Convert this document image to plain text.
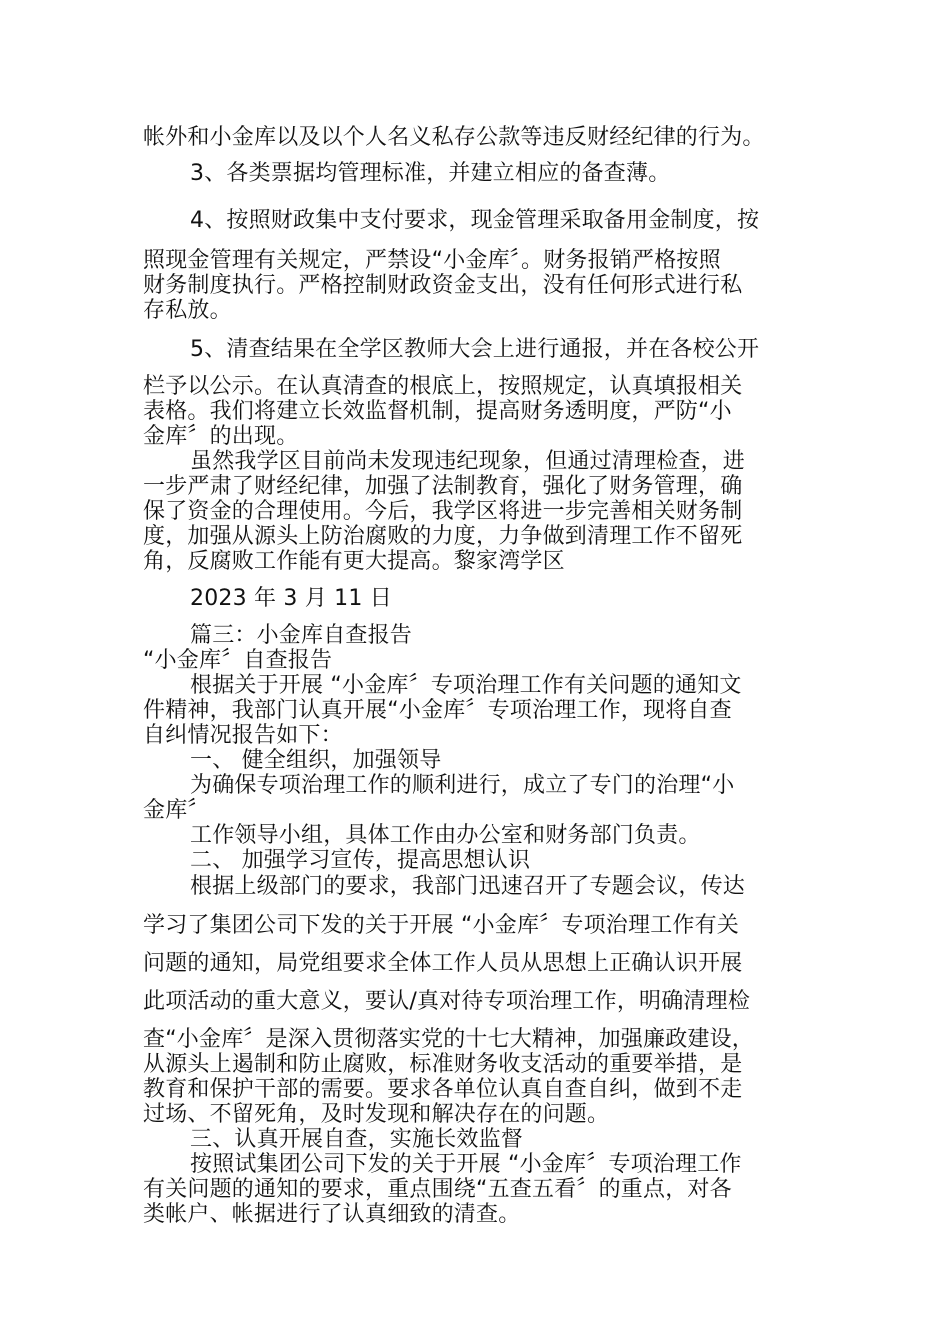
帐外和小金库以及以个人名义私存公款等违反财经纪律的行为。
3、各类票据均管理标准，并建立相应的备查薄。
4、按照财政集中支付要求，现金管理采取备用金制度，按
照现金管理有关规定，严禁设“小金库〞。财务报销严格按照
财务制度执行。严格控制财政资金支出，没有任何形式进行私
存私放。
5、清查结果在全学区教师大会上进行通报，并在各校公开
栏予以公示。在认真清查的根底上，按照规定，认真填报相关
表格。我们将建立长效监督机制，提高财务透明度，严防“小
金库〞的出现。
虽然我学区目前尚未发现违纪现象，但通过清理检查，进
一步严肃了财经纪律，加强了法制教育，强化了财务管理，确
保了资金的合理使用。今后，我学区将进一步完善相关财务制
度，加强从源头上防治腐败的力度，力争做到清理工作不留死
角，反腐败工作能有更大提高。黎家湾学区
2023 年 3 月 11 日
篇三：小金库自查报告
“小金库〞自查报告
根据关于开展 “小金库〞专项治理工作有关问题的通知文
件精神，我部门认真开展“小金库〞专项治理工作，现将自查
自纠情况报告如下：
一、 健全组织，加强领导
为确保专项治理工作的顺利进行，成立了专门的治理“小
金库〞
工作领导小组，具体工作由办公室和财务部门负责。
二、 加强学习宣传，提高思想认识
根据上级部门的要求，我部门迅速召开了专题会议，传达
学习了集团公司下发的关于开展 “小金库〞专项治理工作有关
问题的通知，局党组要求全体工作人员从思想上正确认识开展
此项活动的重大意义，要认/真对待专项治理工作，明确清理检
查“小金库〞是深入贯彻落实党的十七大精神，加强廉政建设，
从源头上遏制和防止腐败，标准财务收支活动的重要举措，是
教育和保护干部的需要。要求各单位认真自查自纠，做到不走
过场、不留死角，及时发现和解决存在的问题。
三、认真开展自查，实施长效监督
按照试集团公司下发的关于开展 “小金库〞专项治理工作
有关问题的通知的要求，重点围绕“五查五看〞的重点，对各
类帐户、帐据进行了认真细致的清查。
